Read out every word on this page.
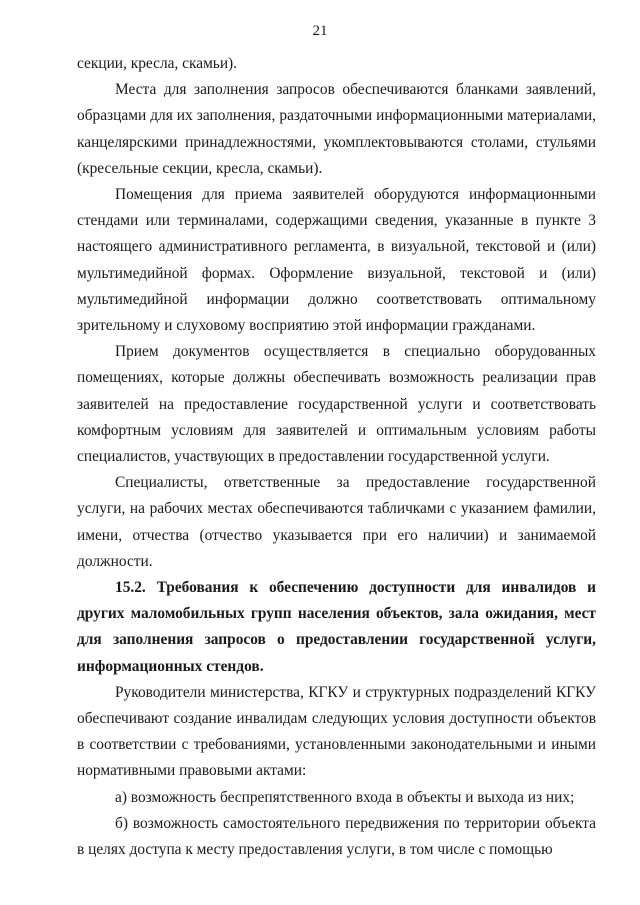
21

секции, кресла, скамьи).

Места для заполнения запросов обеспечиваются бланками заявлений, образцами для их заполнения, раздаточными информационными материалами, канцелярскими принадлежностями, укомплектовываются столами, стульями (кресельные секции, кресла, скамьи).

Помещения для приема заявителей оборудуются информационными стендами или терминалами, содержащими сведения, указанные в пункте 3 настоящего административного регламента, в визуальной, текстовой и (или) мультимедийной формах. Оформление визуальной, текстовой и (или) мультимедийной информации должно соответствовать оптимальному зрительному и слуховому восприятию этой информации гражданами.

Прием документов осуществляется в специально оборудованных помещениях, которые должны обеспечивать возможность реализации прав заявителей на предоставление государственной услуги и соответствовать комфортным условиям для заявителей и оптимальным условиям работы специалистов, участвующих в предоставлении государственной услуги.

Специалисты, ответственные за предоставление государственной услуги, на рабочих местах обеспечиваются табличками с указанием фамилии, имени, отчества (отчество указывается при его наличии) и занимаемой должности.

15.2. Требования к обеспечению доступности для инвалидов и других маломобильных групп населения объектов, зала ожидания, мест для заполнения запросов о предоставлении государственной услуги, информационных стендов.

Руководители министерства, КГКУ и структурных подразделений КГКУ обеспечивают создание инвалидам следующих условия доступности объектов в соответствии с требованиями, установленными законодательными и иными нормативными правовыми актами:

а) возможность беспрепятственного входа в объекты и выхода из них;

б) возможность самостоятельного передвижения по территории объекта в целях доступа к месту предоставления услуги, в том числе с помощью
